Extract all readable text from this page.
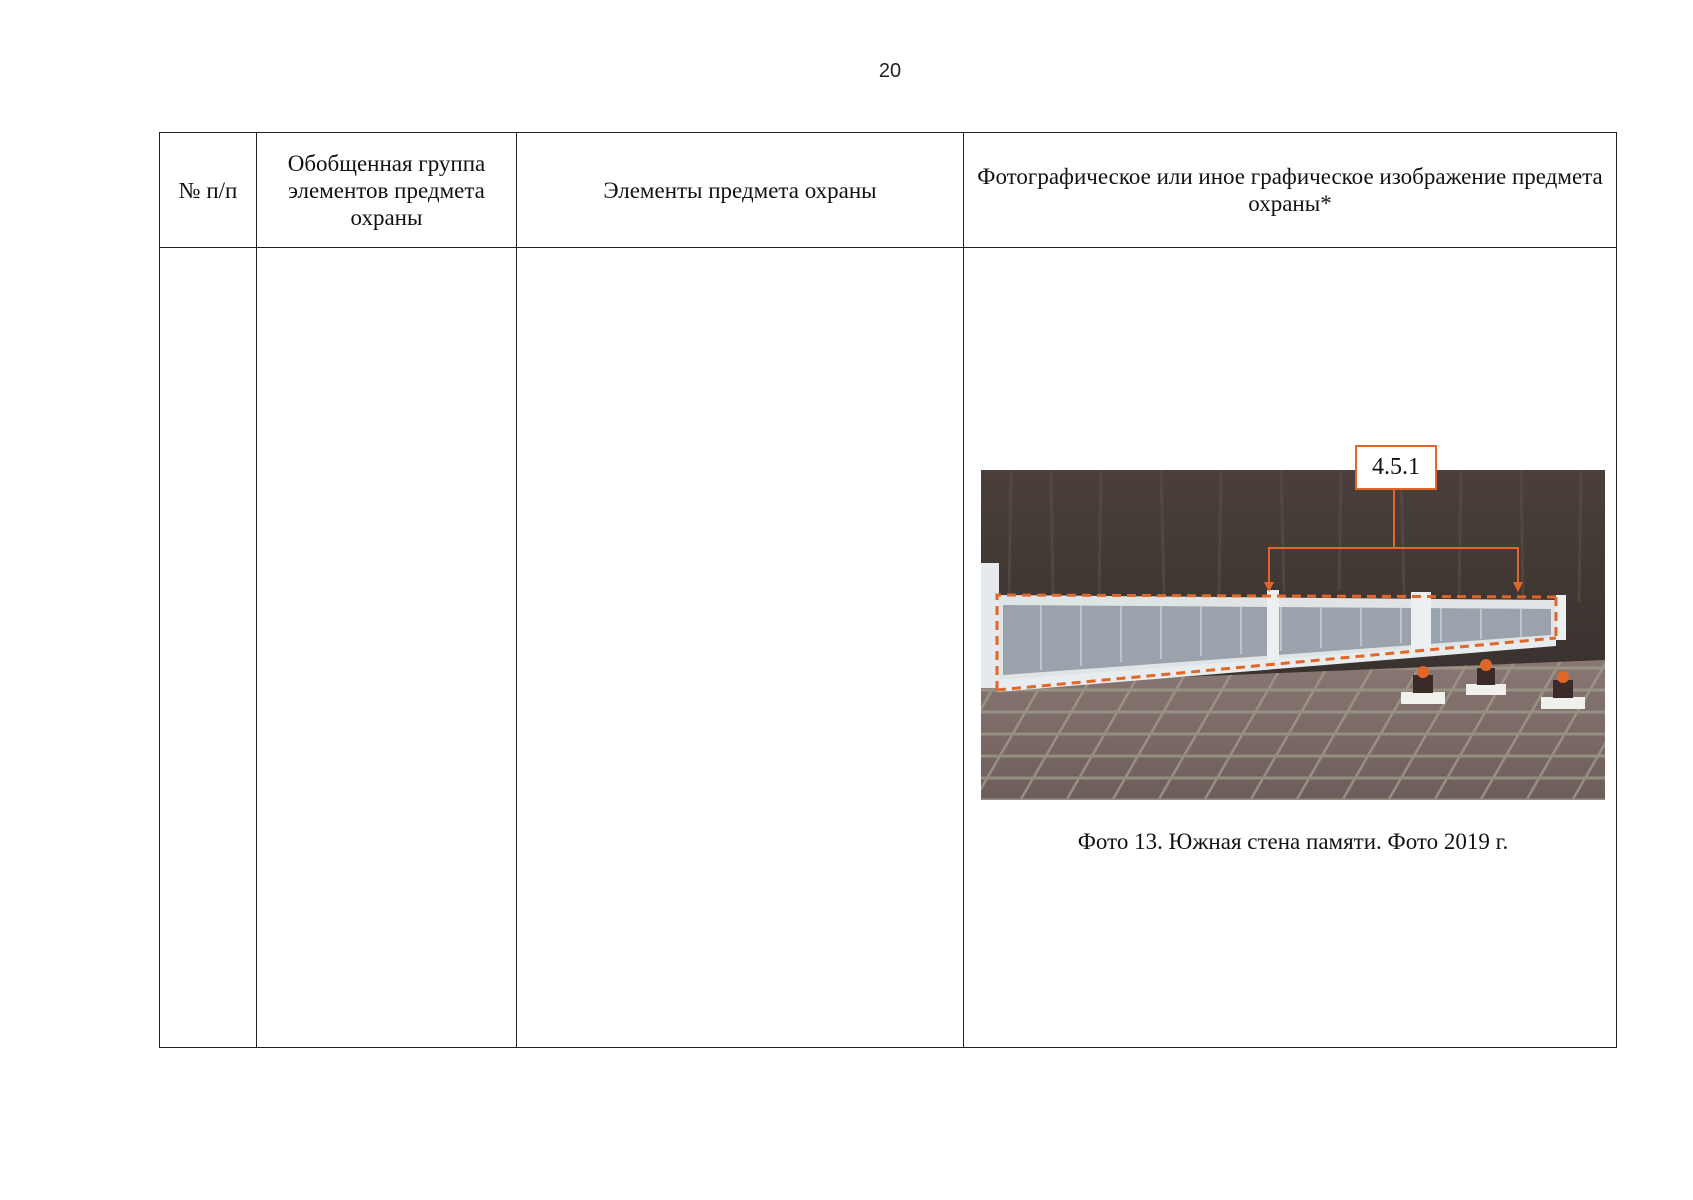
20
№ п/п	Обобщенная группа элементов предмета охраны	Элементы предмета охраны	Фотографическое или иное графическое изображение предмета охраны*

			4.5.1
Фото 13. Южная стена памяти. Фото 2019 г.
